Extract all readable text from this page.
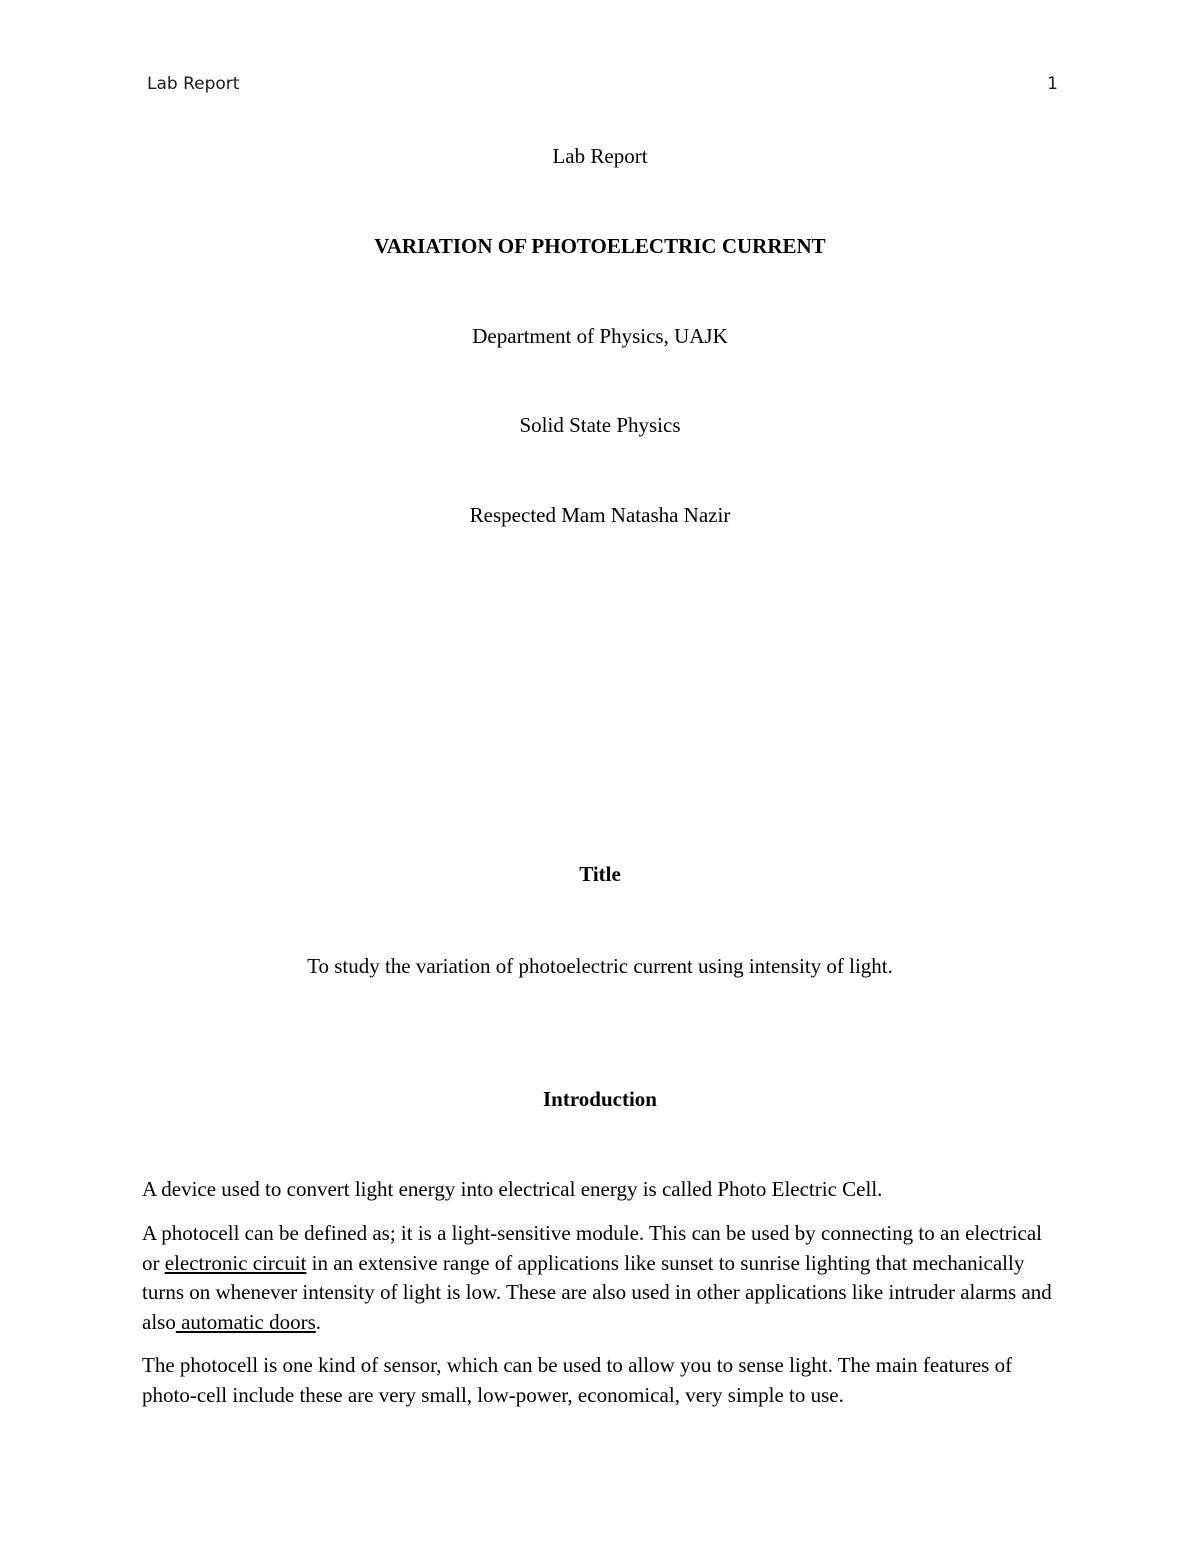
Lab Report	1
Lab Report
VARIATION OF PHOTOELECTRIC CURRENT
Department of Physics, UAJK
Solid State Physics
Respected Mam Natasha Nazir
Title
To study the variation of photoelectric current using intensity of light.
Introduction

A device used to convert light energy into electrical energy is called Photo Electric Cell.

A photocell can be defined as; it is a light-sensitive module. This can be used by connecting to an electrical or electronic circuit in an extensive range of applications like sunset to sunrise lighting that mechanically turns on whenever intensity of light is low. These are also used in other applications like intruder alarms and also automatic doors.

The photocell is one kind of sensor, which can be used to allow you to sense light. The main features of photo-cell include these are very small, low-power, economical, very simple to use.
